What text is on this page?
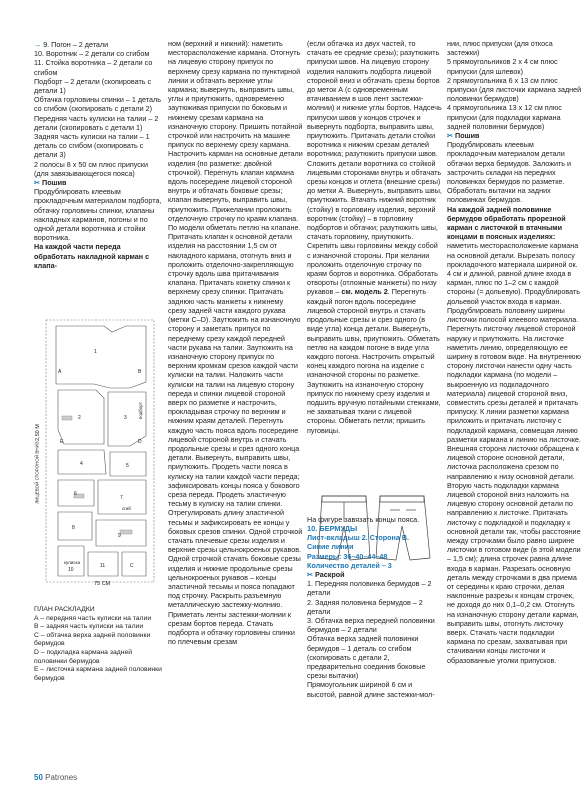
→ 9. Погон – 2 детали
10. Воротник – 2 детали со сгибом
11. Стойка воротника – 2 детали со сгибом
Подборт – 2 детали (скопировать с детали 1)
Обтачка горловины спинки – 1 деталь со сгибом (скопировать с детали 2)
Передняя часть кулиски на талии – 2 детали (скопировать с детали 1)
Задняя часть кулиски на талии – 1 деталь со сгибом (скопировать с детали 3)
2 полосы 8 х 50 см плюс припуски (для завязывающегося пояса)
✂ Пошив
Продублировать клеевым прокладочным материалом подборта, обтачку горловины спинки, клапаны накладных карманов, погоны и по одной детали воротника и стойки воротника.
На каждой части переда обработать накладной карман с клапа-
75 СМ
2,50 М
ЛИЦЕВОЙ СТОРОНОЙ ВНИЗ
подборт
сгиб
кулиска
1
2	3
4	5
6
7
8
9
10
11
A	B
C
D
E
ПЛАН РАСКЛАДКИ
А – передняя часть кулиски на талии
В – задняя часть кулиски на талии
С – обтачка верха задней половинки бермудов
D – подкладка кармана задней половинки бермудов
Е – листочка кармана задней половинки бермудов
ном (верхний и нижний): наметить месторасположение кармана. Отогнуть на лицевую сторону припуск по верхнему срезу кармана по пунктирной линии и обтачать верхние углы кармана; вывернуть, выправить швы, углы и приутюжить, одновременно заутюживая припуски по боковым и нижнему срезам кармана на изнаночную сторону. Пришить потайной строчкой или настрочить на машине припуск по верхнему срезу кармана. Настрочить карман на основные детали изделия (по разметке: двойной строчкой). Перегнуть клапан кармана вдоль посередине лицевой стороной внутрь и обтачать боковые срезы; клапан вывернуть, выправить швы, приутюжить. Прижелании проложить отделочную строчку по краям клапана. По модели обметать петлю на клапане. Притачать клапан к основной детали изделия на расстоянии 1,5 см от накладного кармана, отогнуть вниз и проложить отделочно-закрепляющую строчку вдоль шва притачивания клапана. Притачать кокетку спинки к верхнему срезу спинки. Притачать заднюю часть манжеты к нижнему срезу задней части каждого рукава (метки C–D). Заутюжить на изнаночную сторону и заметать припуск по переднему срезу каждой передней части рукава на талии. Заутюжить на изнаночную сторону припуск по верхним кромкам срезов каждой части кулиски на талии. Наложить части кулиски на талии на лицевую сторону переда и спинки лицевой стороной вверх по разметке и настрочить, прокладывая строчку по верхним и нижним краям деталей. Перегнуть каждую часть пояса вдоль посередине лицевой стороной внутрь и стачать продольные срезы и срез одного конца детали. Вывернуть, выправить швы, приутюжить. Продеть части пояса в кулиску на талии каждой части переда; зафиксировать концы пояса у бокового среза переда. Продеть эластичную тесьму в кулиску на талии спинки. Отрегулировать длину эластичной тесьмы и зафиксировать ее концы у боковых срезов спинки. Одной строчкой стачать плечевые срезы изделия и верхние срезы цельнокроеных рукавов. Одной строчкой стачать боковые срезы изделия и нижние продольные срезы цельнокроеных рукавов – концы эластичной тесьмы и пояса попадают под строчку. Раскрыть разъемную металлическую застежку-молнию. Приметать ленты застежки-молнии к срезам бортов переда. Стачать подборта и обтачку горловины спинки по плечевым срезам
(если обтачка из двух частей, то стачать ее средние срезы); разутюжить припуски швов. На лицевую сторону изделия наложить подборта лицевой стороной вниз и обтачать срезы бортов до меток А (с одновременным втачиванием в шов лент застежки-молнии) и нижние углы бортов. Надсечь припуски швов у концов строчек и вывернуть подборта, выправить швы, приутюжить. Притачать детали стойки воротника к нижним срезам деталей воротника; разутюжить припуски швов. Сложить детали воротника со стойкой лицевыми сторонами внутрь и обтачать срезы концов и отлета (внешние срезы) до метки А. Вывернуть, выправить швы, приутюжить. Втачать нижний воротник (стойку) в горловину изделия, верхний воротник (стойку) – в горловину подбортов и обтачки; разутюжить швы, стачать горловину, приутюжить. Скрепить швы горловины между собой с изнаночной стороны. При желании проложить отделочную строчку по краям бортов и воротника. Обработать отвороты (отложные манжеты) по низу рукавов – см. модель 2. Перегнуть каждый погон вдоль посередине лицевой стороной внутрь и стачать продольные срезы и срез одного (в виде угла) конца детали. Вывернуть, выправить швы, приутюжить. Обметать петлю на каждом погоне в виде угла каждого погона. Настрочить открытый конец каждого погона на изделие с изнаночной стороны по разметке. Заутюжить на изнаночную сторону припуск по нижнему срезу изделия и подшить вручную потайными стежками, не захватывая ткани с лицевой стороны. Обметать петли; пришить пуговицы.
На фигуре завязать концы пояса.
10. БЕРМУДЫ
Лист-вкладыш 2. Сторона В.
Синие линии
Размеры: 36–40–44–48
Количество деталей – 3
✂ Раскрой
1. Передняя половинка бермудов – 2 детали
2. Задняя половинка бермудов – 2 детали
3. Обтачка верха передней половинки бермудов – 2 детали
Обтачка верха задней половинки бермудов – 1 деталь со сгибом (скопировать с детали 2, предварительно соединив боковые срезы вытачки)
Прямоугольник шириной 6 см и высотой, равной длине застежки-мол-
нии, плюс припуски (для откоса застежки)
5 прямоугольников 2 х 4 см плюс припуски (для шлевок)
2 прямоугольника 6 х 13 см плюс припуски (для листочки кармана задней половинки бермудов)
4 прямоугольника 13 х 12 см плюс припуски (для подкладки кармана задней половинки бермудов)
✂ Пошив
Продублировать клеевым прокладочным материалом детали обтачки верха бермудов. Заложить и застрочить складки на передних половинках бермудов по разметке. Обработать вытачки на задних половинках бермудов.
На каждой задней половинке бермудов обработать прорезной карман с листочкой в втачными концами в поясных изделиях:
наметить месторасположение кармана на основной детали. Вырезать полосу прокладочного материала шириной ок. 4 см и длиной, равной длине входа в карман, плюс по 1–2 см с каждой стороны (= дольевую). Продублировать дольевой участок входа в карман. Продублировать половину ширины листочки полосой клеевого материала. Перегнуть листочку лицевой стороной наружу и приутюжить. На листочке наметить линию, определяющую ее ширину в готовом виде. На внутреннюю сторону листочки нанести одну часть подкладки кармана (по модели – выкроенную из подкладочного материала) лицевой стороной вниз, совместить срезы деталей и притачать припуску. К линии разметки кармана приложить и притачать листочку с подкладкой кармана, совмещая линию разметки кармана и линию на листочке. Внешняя сторона листочки обращена к лицевой стороне основной детали, листочка расположена срезом по направлению к низу основной детали. Вторую часть подкладки кармана лицевой стороной вниз наложить на лицевую сторону основной детали по направлению к листочке. Притачать листочку с подкладкой и подкладку к основной детали так, чтобы расстояние между строчками было равно ширине листочки в готовом виде (в этой модели – 1,5 см); длина строчек равна длине входа в карман. Разрезать основную деталь между строчками в два приема от середины к краю строчки, делая наклонные разрезы к концам строчек, не доходя до них 0,1–0,2 см. Отогнуть на изнаночную сторону детали карман, выправить швы, отогнуть листочку вверх. Стачать части подкладки кармана по срезам, захватывая при стачивании концы листочки и образованные уголки припусков.
50 Patrones
